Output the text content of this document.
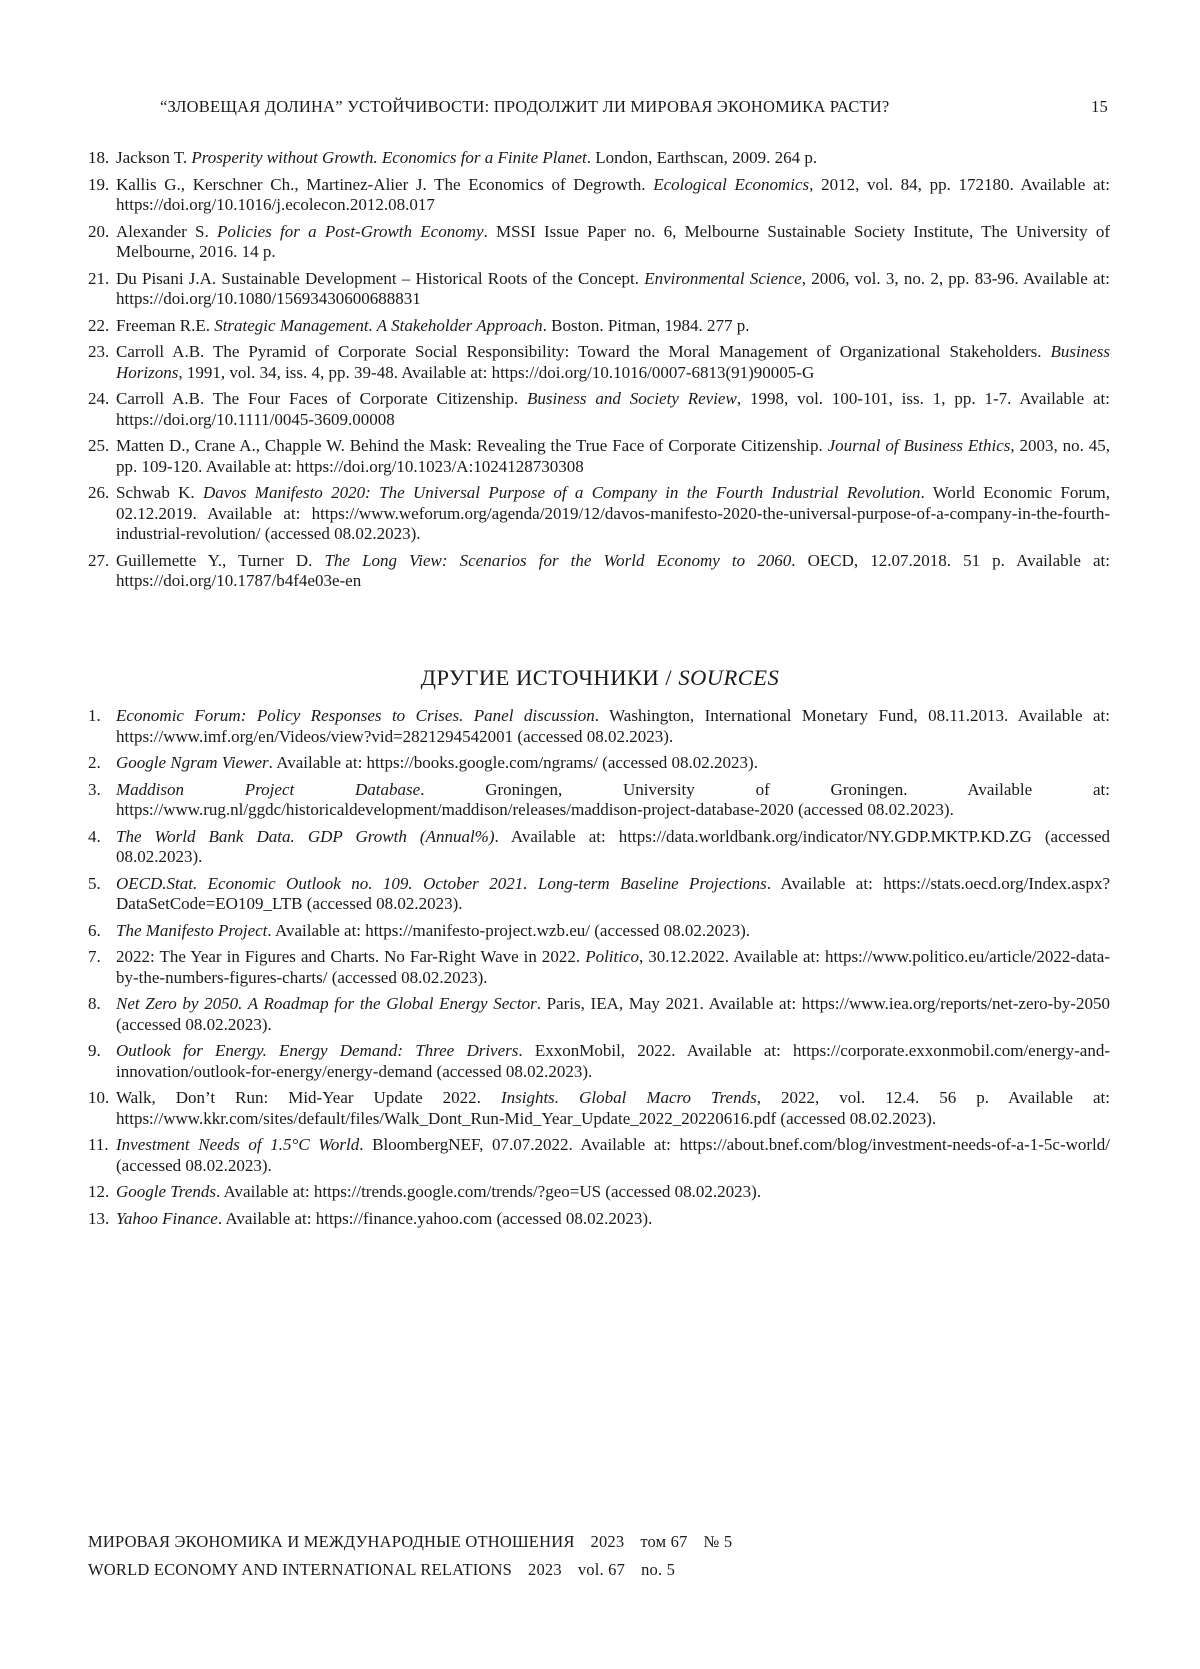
“ЗЛОВЕЩАЯ ДОЛИНА” УСТОЙЧИВОСТИ: ПРОДОЛЖИТ ЛИ МИРОВАЯ ЭКОНОМИКА РАСТИ?	15
18. Jackson T. Prosperity without Growth. Economics for a Finite Planet. London, Earthscan, 2009. 264 p.
19. Kallis G., Kerschner Ch., Martinez-Alier J. The Economics of Degrowth. Ecological Economics, 2012, vol. 84, pp. 172180. Available at: https://doi.org/10.1016/j.ecolecon.2012.08.017
20. Alexander S. Policies for a Post-Growth Economy. MSSI Issue Paper no. 6, Melbourne Sustainable Society Institute, The University of Melbourne, 2016. 14 p.
21. Du Pisani J.A. Sustainable Development – Historical Roots of the Concept. Environmental Science, 2006, vol. 3, no. 2, pp. 83-96. Available at: https://doi.org/10.1080/15693430600688831
22. Freeman R.E. Strategic Management. A Stakeholder Approach. Boston. Pitman, 1984. 277 p.
23. Carroll A.B. The Pyramid of Corporate Social Responsibility: Toward the Moral Management of Organizational Stakeholders. Business Horizons, 1991, vol. 34, iss. 4, pp. 39-48. Available at: https://doi.org/10.1016/0007-6813(91)90005-G
24. Carroll A.B. The Four Faces of Corporate Citizenship. Business and Society Review, 1998, vol. 100-101, iss. 1, pp. 1-7. Available at: https://doi.org/10.1111/0045-3609.00008
25. Matten D., Crane A., Chapple W. Behind the Mask: Revealing the True Face of Corporate Citizenship. Journal of Business Ethics, 2003, no. 45, pp. 109-120. Available at: https://doi.org/10.1023/A:1024128730308
26. Schwab K. Davos Manifesto 2020: The Universal Purpose of a Company in the Fourth Industrial Revolution. World Economic Forum, 02.12.2019. Available at: https://www.weforum.org/agenda/2019/12/davos-manifesto-2020-the-universal-purpose-of-a-company-in-the-fourth-industrial-revolution/ (accessed 08.02.2023).
27. Guillemette Y., Turner D. The Long View: Scenarios for the World Economy to 2060. OECD, 12.07.2018. 51 p. Available at: https://doi.org/10.1787/b4f4e03e-en
ДРУГИЕ ИСТОЧНИКИ / SOURCES
1. Economic Forum: Policy Responses to Crises. Panel discussion. Washington, International Monetary Fund, 08.11.2013. Available at: https://www.imf.org/en/Videos/view?vid=2821294542001 (accessed 08.02.2023).
2. Google Ngram Viewer. Available at: https://books.google.com/ngrams/ (accessed 08.02.2023).
3. Maddison Project Database. Groningen, University of Groningen. Available at: https://www.rug.nl/ggdc/historicaldevelopment/maddison/releases/maddison-project-database-2020 (accessed 08.02.2023).
4. The World Bank Data. GDP Growth (Annual%). Available at: https://data.worldbank.org/indicator/NY.GDP.MKTP.KD.ZG (accessed 08.02.2023).
5. OECD.Stat. Economic Outlook no. 109. October 2021. Long-term Baseline Projections. Available at: https://stats.oecd.org/Index.aspx? DataSetCode=EO109_LTB (accessed 08.02.2023).
6. The Manifesto Project. Available at: https://manifesto-project.wzb.eu/ (accessed 08.02.2023).
7. 2022: The Year in Figures and Charts. No Far-Right Wave in 2022. Politico, 30.12.2022. Available at: https://www.politico.eu/article/2022-data-by-the-numbers-figures-charts/ (accessed 08.02.2023).
8. Net Zero by 2050. A Roadmap for the Global Energy Sector. Paris, IEA, May 2021. Available at: https://www.iea.org/reports/net-zero-by-2050 (accessed 08.02.2023).
9. Outlook for Energy. Energy Demand: Three Drivers. ExxonMobil, 2022. Available at: https://corporate.exxonmobil.com/energy-and-innovation/outlook-for-energy/energy-demand (accessed 08.02.2023).
10. Walk, Don’t Run: Mid-Year Update 2022. Insights. Global Macro Trends, 2022, vol. 12.4. 56 p. Available at: https://www.kkr.com/sites/default/files/Walk_Dont_Run-Mid_Year_Update_2022_20220616.pdf (accessed 08.02.2023).
11. Investment Needs of 1.5°C World. BloombergNEF, 07.07.2022. Available at: https://about.bnef.com/blog/investment-needs-of-a-1-5c-world/ (accessed 08.02.2023).
12. Google Trends. Available at: https://trends.google.com/trends/?geo=US (accessed 08.02.2023).
13. Yahoo Finance. Available at: https://finance.yahoo.com (accessed 08.02.2023).
МИРОВАЯ ЭКОНОМИКА И МЕЖДУНАРОДНЫЕ ОТНОШЕНИЯ 2023 том 67 № 5
WORLD ECONOMY AND INTERNATIONAL RELATIONS 2023 vol. 67 no. 5
